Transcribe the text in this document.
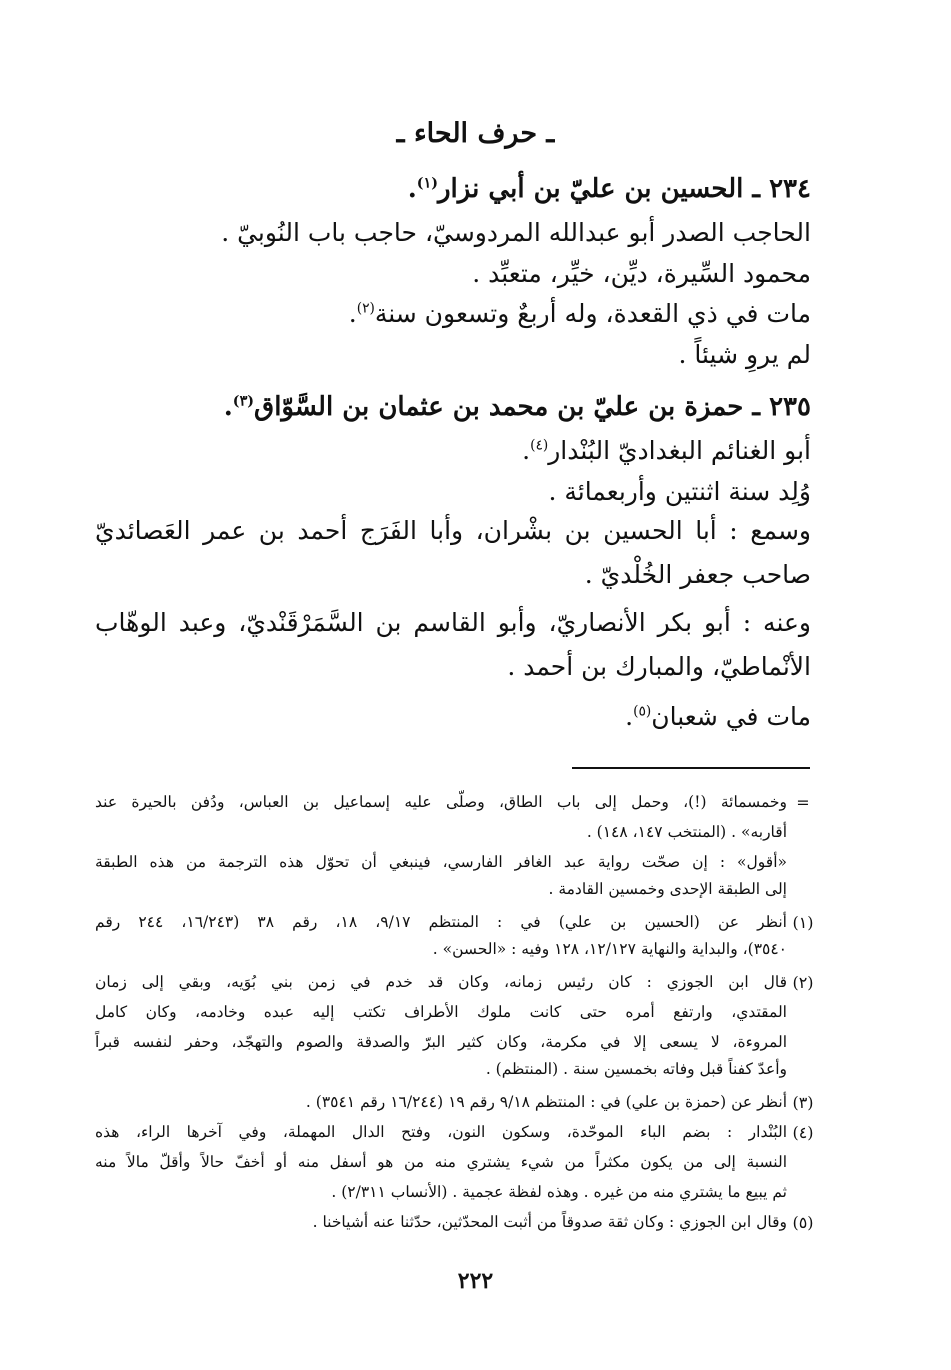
ـ حرف الحاء ـ
٢٣٤ ـ الحسين بن عليّ بن أبي نزار$^{(١)}$.
الحاجب الصدر أبو عبدالله المردوسيّ، حاجب باب النُوبيّ .
محمود السِّيرة، ديِّن، خيِّر، متعبِّد .
مات في ذي القعدة، وله أربعٌ وتسعون سنة$^{(٢)}$.
لم يروِ شيئاً .
٢٣٥ ـ حمزة بن عليّ بن محمد بن عثمان بن السَّوّاق$^{(٣)}$.
أبو الغنائم البغداديّ البُنْدار$^{(٤)}$.
وُلِد سنة اثنتين وأربعمائة .
وسمع : أبا الحسين بن بشْران، وأبا الفَرَج أحمد بن عمر العَصائديّ
صاحب جعفر الخُلْديّ .
وعنه : أبو بكر الأنصاريّ، وأبو القاسم بن السَّمَرْقَنْديّ، وعبد الوهّاب
الأنْماطيّ، والمبارك بن أحمد .
مات في شعبان$^{(٥)}$.
=
وخمسمائة (!)، وحمل إلى باب الطاق، وصلّى عليه إسماعيل بن العباس، ودُفن بالحيرة عند
أقاربه» . (المنتخب ١٤٧، ١٤٨) .
«أقول» : إن صحّت رواية عبد الغافر الفارسي، فينبغي أن تحوّل هذه الترجمة من هذه الطبقة
إلى الطبقة الإحدى وخمسين القادمة .
(١)
أنظر عن (الحسين بن علي) في : المنتظم ٩/١٧، ١٨، رقم ٣٨ (١٦/٢٤٣، ٢٤٤ رقم
٣٥٤٠)، والبداية والنهاية ١٢/١٢٧، ١٢٨ وفيه : «الحسن» .
(٢)
قال ابن الجوزي : كان رئيس زمانه، وكان قد خدم في زمن بني بُوَيه، وبقي إلى زمان
المقتدي، وارتفع أمره حتى كانت ملوك الأطراف تكتب إليه عبده وخادمه، وكان كامل
المروءة، لا يسعى إلا في مكرمة، وكان كثير البرّ والصدقة والصوم والتهجّد، وحفر لنفسه قبراً
وأعدّ كفناً قبل وفاته بخمسين سنة . (المنتظم) .
(٣)
أنظر عن (حمزة بن علي) في : المنتظم ٩/١٨ رقم ١٩ (١٦/٢٤٤ رقم ٣٥٤١) .
(٤)
البُنْدار : بضم الباء الموحّدة، وسكون النون، وفتح الدال المهملة، وفي آخرها الراء، هذه
النسبة إلى من يكون مكثراً من شيء يشتري منه من هو أسفل منه أو أخفّ حالاً وأقلّ مالاً منه
ثم يبيع ما يشتري منه من غيره . وهذه لفظة عجمية . (الأنساب ٢/٣١١) .
(٥)
وقال ابن الجوزي : وكان ثقة صدوقاً من أثبت المحدّثين، حدّثنا عنه أشياخنا .
٢٢٢
